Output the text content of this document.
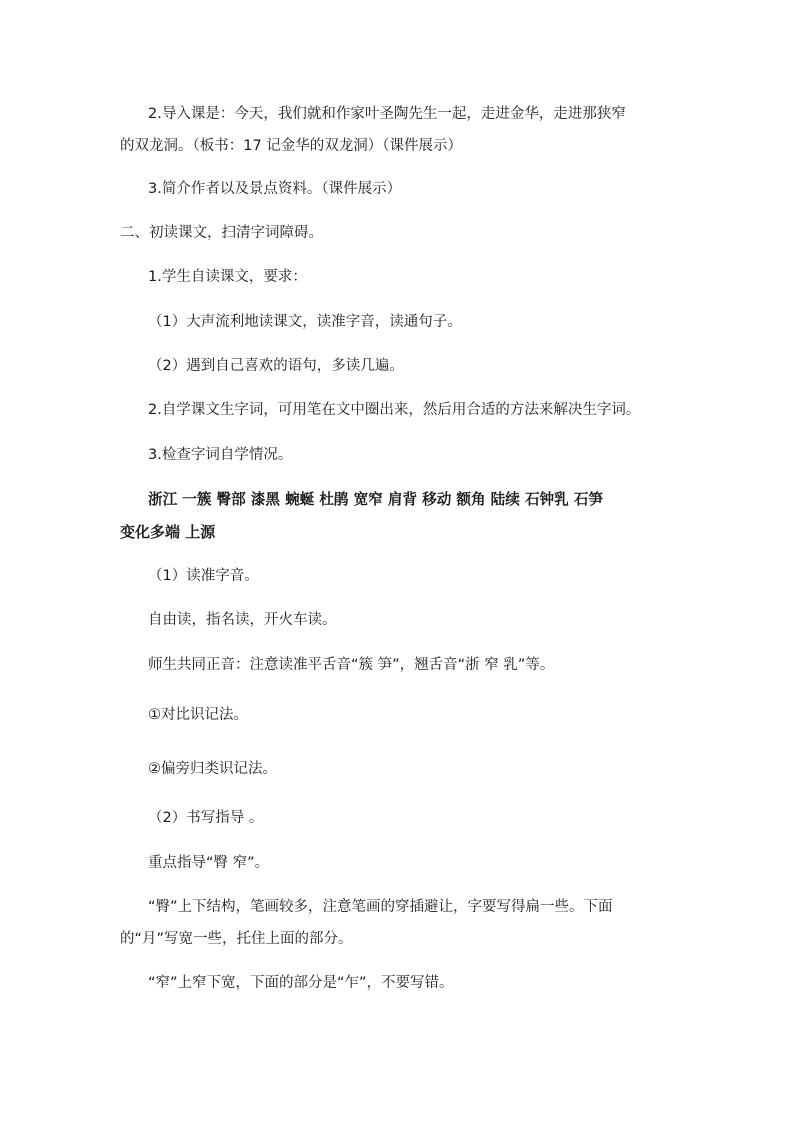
2.导入课是：今天，我们就和作家叶圣陶先生一起，走进金华，走进那狭窄

的双龙洞。（板书：17 记金华的双龙洞）（课件展示）

3.简介作者以及景点资料。（课件展示）

二、初读课文，扫清字词障碍。

1.学生自读课文，要求：

（1）大声流利地读课文，读准字音，读通句子。

（2）遇到自己喜欢的语句，多读几遍。

2.自学课文生字词，可用笔在文中圈出来，然后用合适的方法来解决生字词。

3.检查字词自学情况。

浙江 一簇 臀部 漆黑 蜿蜒 杜鹃 宽窄 肩背 移动 额角 陆续 石钟乳 石笋

变化多端 上源

（1）读准字音。

自由读，指名读，开火车读。

师生共同正音：注意读准平舌音“簇 笋”，翘舌音“浙 窄 乳”等。

①对比识记法。

②偏旁归类识记法。

（2）书写指导 。

重点指导“臀 窄”。

“臀”上下结构，笔画较多，注意笔画的穿插避让，字要写得扁一些。下面

的“月”写宽一些，托住上面的部分。

“窄”上窄下宽，下面的部分是“乍”，不要写错。
